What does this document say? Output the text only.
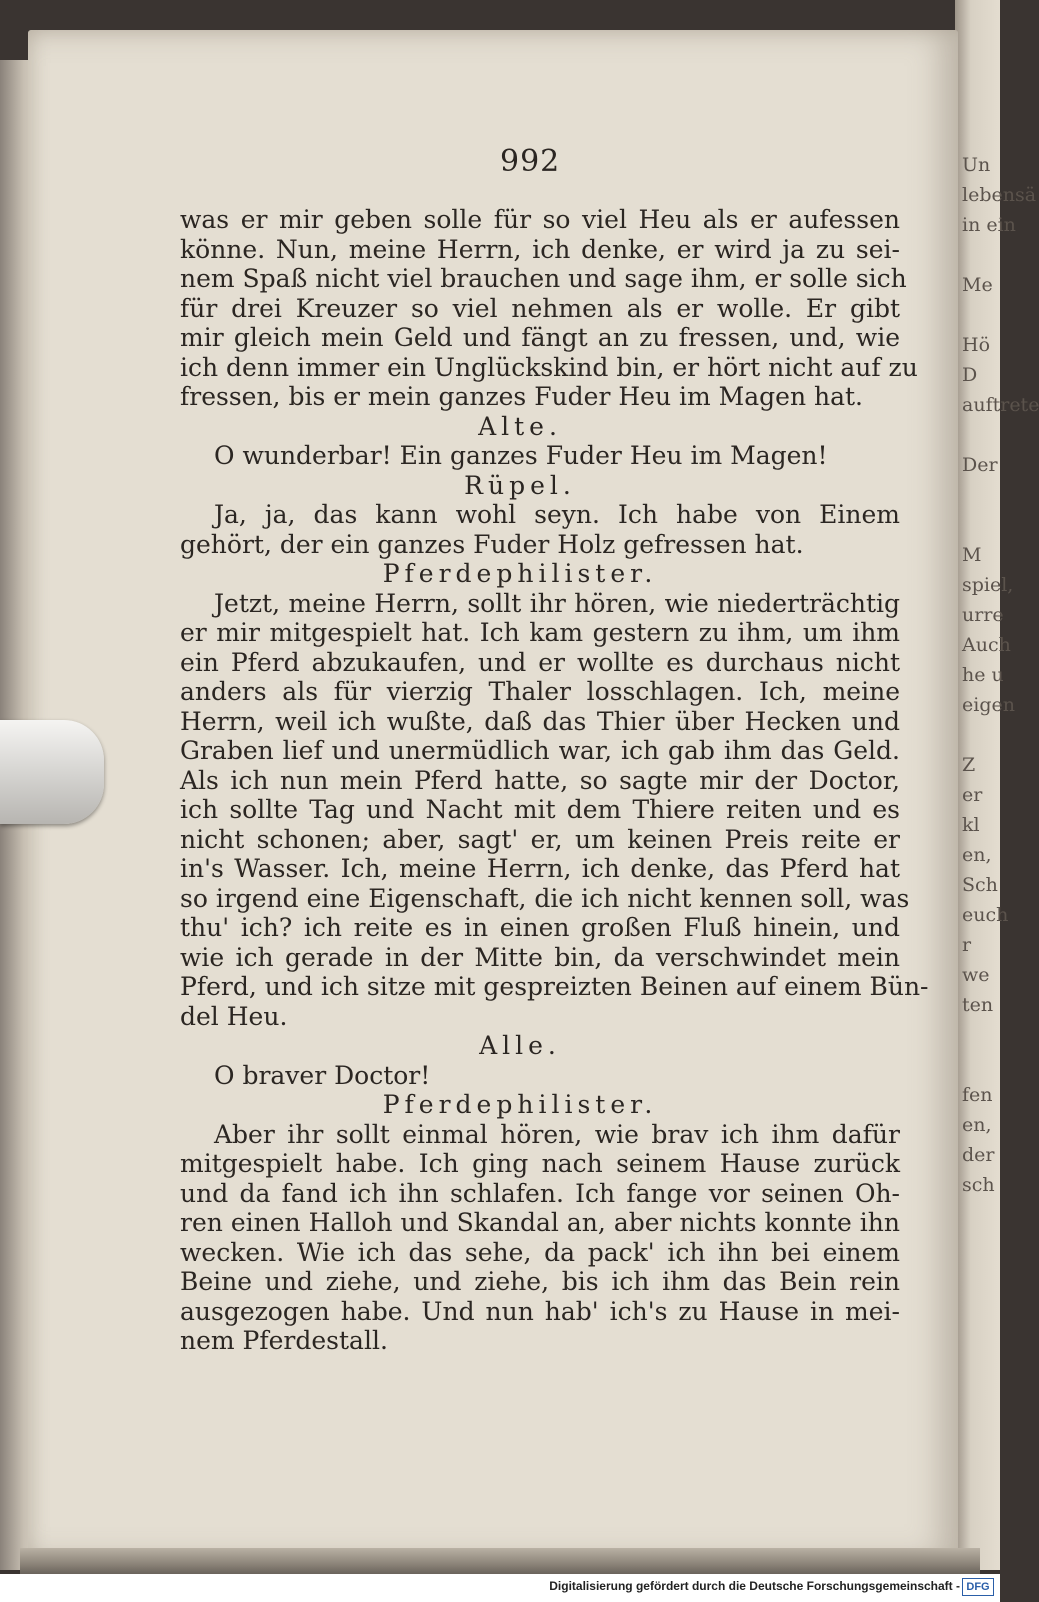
Un
lebensä
in ein

Me

Hö
D
auftrete

Der

M
spiel,
urre
Auch
he u
eigen

Z
er
kl
en,
Sch
euch
r
we
ten

fen
en,
der
sch
992
was er mir geben solle für so viel Heu als er aufessen
könne. Nun, meine Herrn, ich denke, er wird ja zu sei-
nem Spaß nicht viel brauchen und sage ihm, er solle sich
für drei Kreuzer so viel nehmen als er wolle. Er gibt
mir gleich mein Geld und fängt an zu fressen, und, wie
ich denn immer ein Unglückskind bin, er hört nicht auf zu
fressen, bis er mein ganzes Fuder Heu im Magen hat.
Alte.
O wunderbar! Ein ganzes Fuder Heu im Magen!
Rüpel.
Ja, ja, das kann wohl seyn. Ich habe von Einem
gehört, der ein ganzes Fuder Holz gefressen hat.
Pferdephilister.
Jetzt, meine Herrn, sollt ihr hören, wie niederträchtig
er mir mitgespielt hat. Ich kam gestern zu ihm, um ihm
ein Pferd abzukaufen, und er wollte es durchaus nicht
anders als für vierzig Thaler losschlagen. Ich, meine
Herrn, weil ich wußte, daß das Thier über Hecken und
Graben lief und unermüdlich war, ich gab ihm das Geld.
Als ich nun mein Pferd hatte, so sagte mir der Doctor,
ich sollte Tag und Nacht mit dem Thiere reiten und es
nicht schonen; aber, sagt' er, um keinen Preis reite er
in's Wasser. Ich, meine Herrn, ich denke, das Pferd hat
so irgend eine Eigenschaft, die ich nicht kennen soll, was
thu' ich? ich reite es in einen großen Fluß hinein, und
wie ich gerade in der Mitte bin, da verschwindet mein
Pferd, und ich sitze mit gespreizten Beinen auf einem Bün-
del Heu.
Alle.
O braver Doctor!
Pferdephilister.
Aber ihr sollt einmal hören, wie brav ich ihm dafür
mitgespielt habe. Ich ging nach seinem Hause zurück
und da fand ich ihn schlafen. Ich fange vor seinen Oh-
ren einen Halloh und Skandal an, aber nichts konnte ihn
wecken. Wie ich das sehe, da pack' ich ihn bei einem
Beine und ziehe, und ziehe, bis ich ihm das Bein rein
ausgezogen habe. Und nun hab' ich's zu Hause in mei-
nem Pferdestall.
Digitalisierung gefördert durch die Deutsche Forschungsgemeinschaft - DFG
